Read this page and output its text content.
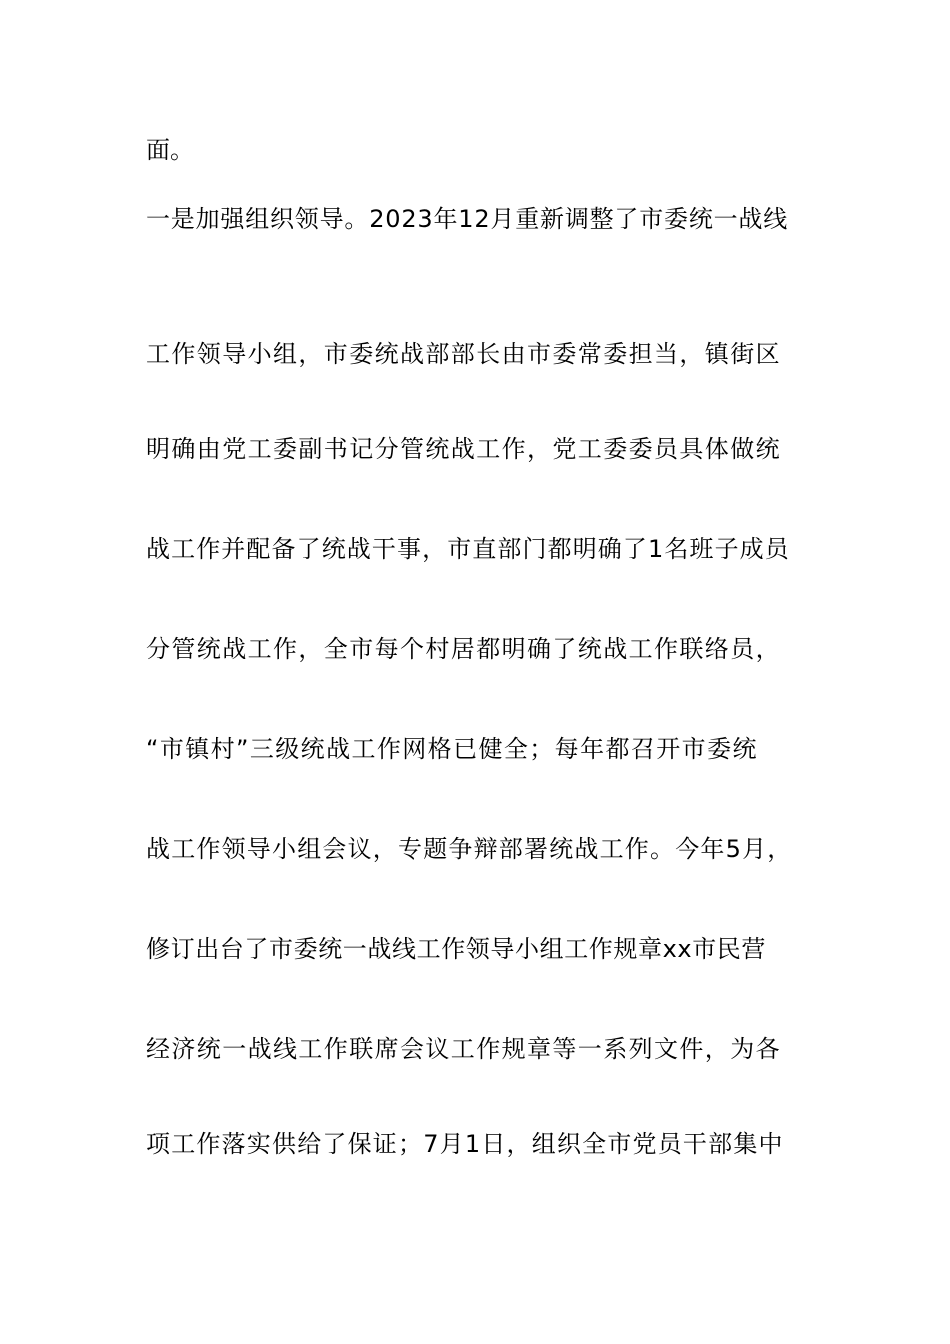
面。
一是加强组织领导。2023年12月重新调整了市委统一战线
工作领导小组，市委统战部部长由市委常委担当，镇街区
明确由党工委副书记分管统战工作，党工委委员具体做统
战工作并配备了统战干事，市直部门都明确了1名班子成员
分管统战工作，全市每个村居都明确了统战工作联络员，
“市镇村”三级统战工作网格已健全；每年都召开市委统
战工作领导小组会议，专题争辩部署统战工作。今年5月，
修订出台了市委统一战线工作领导小组工作规章xx市民营
经济统一战线工作联席会议工作规章等一系列文件，为各
项工作落实供给了保证；7月1日，组织全市党员干部集中
